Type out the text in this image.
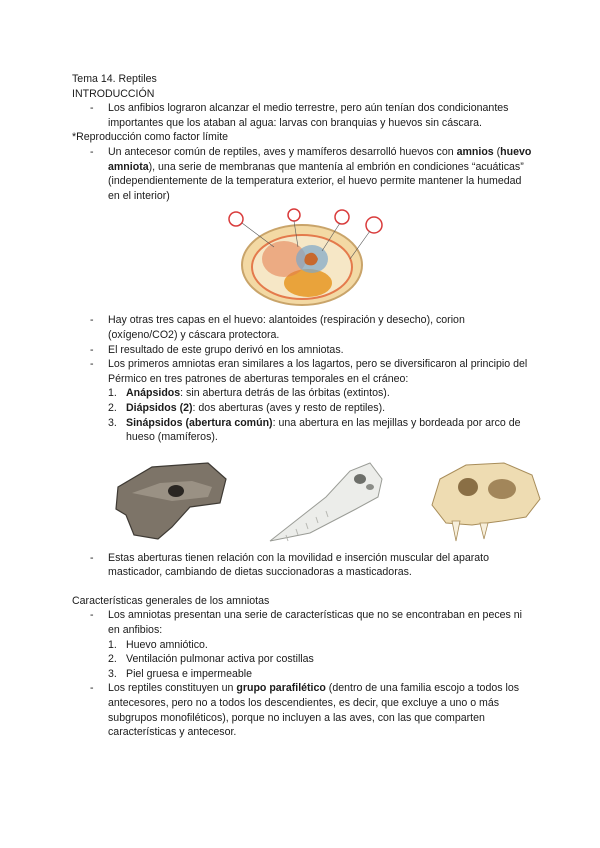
Tema 14. Reptiles

INTRODUCCIÓN

- Los anfibios lograron alcanzar el medio terrestre, pero aún tenían dos condicionantes importantes que los ataban al agua: larvas con branquias y huevos sin cáscara.

*Reproducción como factor límite

- Un antecesor común de reptiles, aves y mamíferos desarrolló huevos con amnios (huevo amniota), una serie de membranas que mantenía al embrión en condiciones “acuáticas” (independientemente de la temperatura exterior, el huevo permite mantener la humedad en el interior)
- Hay otras tres capas en el huevo: alantoides (respiración y desecho), corion (oxígeno/CO2) y cáscara protectora.
- El resultado de este grupo derivó en los amniotas.
- Los primeros amniotas eran similares a los lagartos, pero se diversificaron al principio del Pérmico en tres patrones de aberturas temporales en el cráneo:
1. Anápsidos: sin abertura detrás de las órbitas (extintos).
2. Diápsidos (2): dos aberturas (aves y resto de reptiles).
3. Sinápsidos (abertura común): una abertura en las mejillas y bordeada por arco de hueso (mamíferos).
- Estas aberturas tienen relación con la movilidad e inserción muscular del aparato masticador, cambiando de dietas succionadoras a masticadoras.

Características generales de los amniotas

- Los amniotas presentan una serie de características que no se encontraban en peces ni en anfibios:
1. Huevo amniótico.
2. Ventilación pulmonar activa por costillas
3. Piel gruesa e impermeable
- Los reptiles constituyen un grupo parafilético (dentro de una familia escojo a todos los antecesores, pero no a todos los descendientes, es decir, que excluye a uno o más subgrupos monofiléticos), porque no incluyen a las aves, con las que comparten características y antecesor.
